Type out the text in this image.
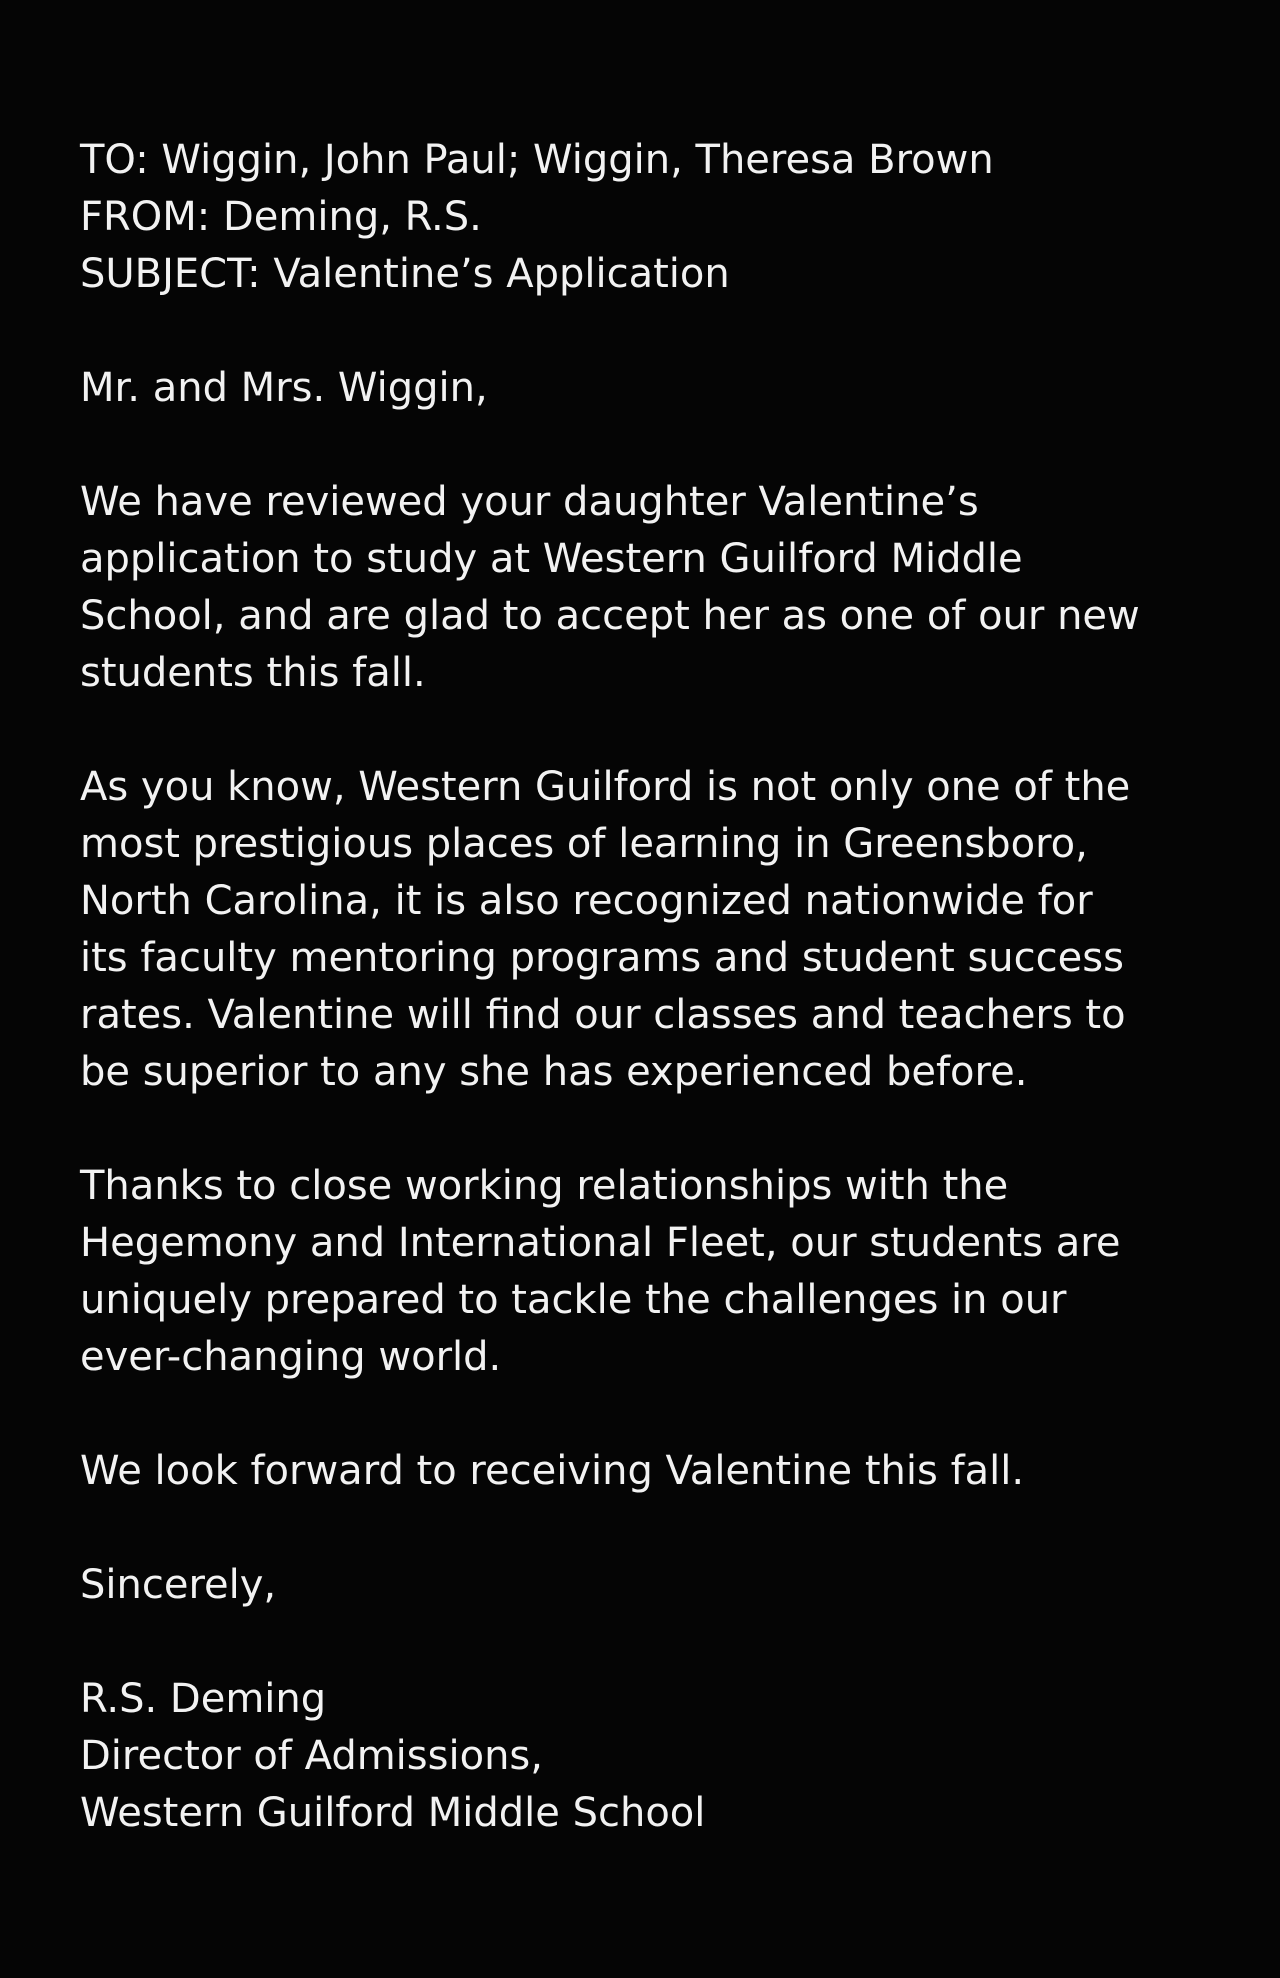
TO: Wiggin, John Paul; Wiggin, Theresa Brown
FROM: Deming, R.S.
SUBJECT: Valentine’s Application
Mr. and Mrs. Wiggin,
We have reviewed your daughter Valentine’s
application to study at Western Guilford Middle
School, and are glad to accept her as one of our new
students this fall.
As you know, Western Guilford is not only one of the
most prestigious places of learning in Greensboro,
North Carolina, it is also recognized nationwide for
its faculty mentoring programs and student success
rates. Valentine will find our classes and teachers to
be superior to any she has experienced before.
Thanks to close working relationships with the
Hegemony and International Fleet, our students are
uniquely prepared to tackle the challenges in our
ever-changing world.
We look forward to receiving Valentine this fall.
Sincerely,
R.S. Deming
Director of Admissions,
Western Guilford Middle School
